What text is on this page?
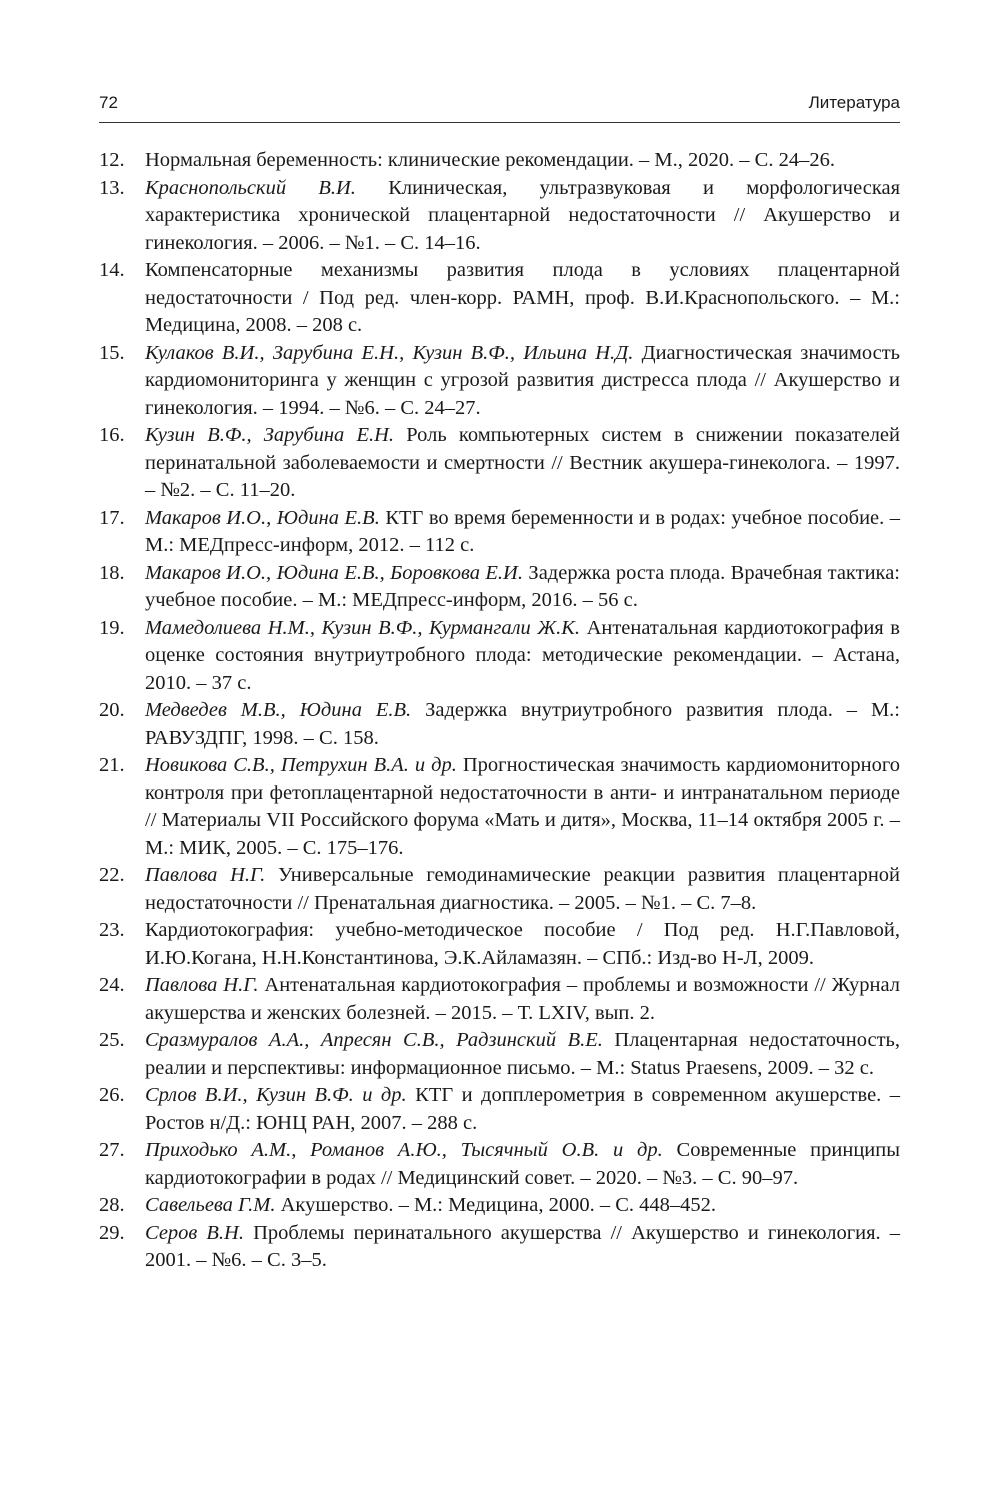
72	Литература
12. Нормальная беременность: клинические рекомендации. – М., 2020. – С. 24–26.
13. Краснопольский В.И. Клиническая, ультразвуковая и морфологическая характеристика хронической плацентарной недостаточности // Акушерство и гинекология. – 2006. – №1. – С. 14–16.
14. Компенсаторные механизмы развития плода в условиях плацентарной недостаточности / Под ред. член-корр. РАМН, проф. В.И.Краснопольского. – М.: Медицина, 2008. – 208 с.
15. Кулаков В.И., Зарубина Е.Н., Кузин В.Ф., Ильина Н.Д. Диагностическая значимость кардиомониторинга у женщин с угрозой развития дистресса плода // Акушерство и гинекология. – 1994. – №6. – С. 24–27.
16. Кузин В.Ф., Зарубина Е.Н. Роль компьютерных систем в снижении показателей перинатальной заболеваемости и смертности // Вестник акушера-гинеколога. – 1997. – №2. – С. 11–20.
17. Макаров И.О., Юдина Е.В. КТГ во время беременности и в родах: учебное пособие. – М.: МЕДпресс-информ, 2012. – 112 с.
18. Макаров И.О., Юдина Е.В., Боровкова Е.И. Задержка роста плода. Врачебная тактика: учебное пособие. – М.: МЕДпресс-информ, 2016. – 56 с.
19. Мамедолиева Н.М., Кузин В.Ф., Курмангали Ж.К. Антенатальная кардиотокография в оценке состояния внутриутробного плода: методические рекомендации. – Астана, 2010. – 37 с.
20. Медведев М.В., Юдина Е.В. Задержка внутриутробного развития плода. – М.: РАВУЗДПГ, 1998. – С. 158.
21. Новикова С.В., Петрухин В.А. и др. Прогностическая значимость кардиомониторного контроля при фетоплацентарной недостаточности в анти- и интранатальном периоде // Материалы VII Российского форума «Мать и дитя», Москва, 11–14 октября 2005 г. – М.: МИК, 2005. – С. 175–176.
22. Павлова Н.Г. Универсальные гемодинамические реакции развития плацентарной недостаточности // Пренатальная диагностика. – 2005. – №1. – С. 7–8.
23. Кардиотокография: учебно-методическое пособие / Под ред. Н.Г.Павловой, И.Ю.Когана, Н.Н.Константинова, Э.К.Айламазян. – СПб.: Изд-во Н-Л, 2009.
24. Павлова Н.Г. Антенатальная кардиотокография – проблемы и возможности // Журнал акушерства и женских болезней. – 2015. – Т. LXIV, вып. 2.
25. Сразмуралов А.А., Апресян С.В., Радзинский В.Е. Плацентарная недостаточность, реалии и перспективы: информационное письмо. – М.: Status Praesens, 2009. – 32 с.
26. Срлов В.И., Кузин В.Ф. и др. КТГ и допплерометрия в современном акушерстве. – Ростов н/Д.: ЮНЦ РАН, 2007. – 288 с.
27. Приходько А.М., Романов А.Ю., Тысячный О.В. и др. Современные принципы кардиотокографии в родах // Медицинский совет. – 2020. – №3. – С. 90–97.
28. Савельева Г.М. Акушерство. – М.: Медицина, 2000. – С. 448–452.
29. Серов В.Н. Проблемы перинатального акушерства // Акушерство и гинекология. – 2001. – №6. – С. 3–5.
